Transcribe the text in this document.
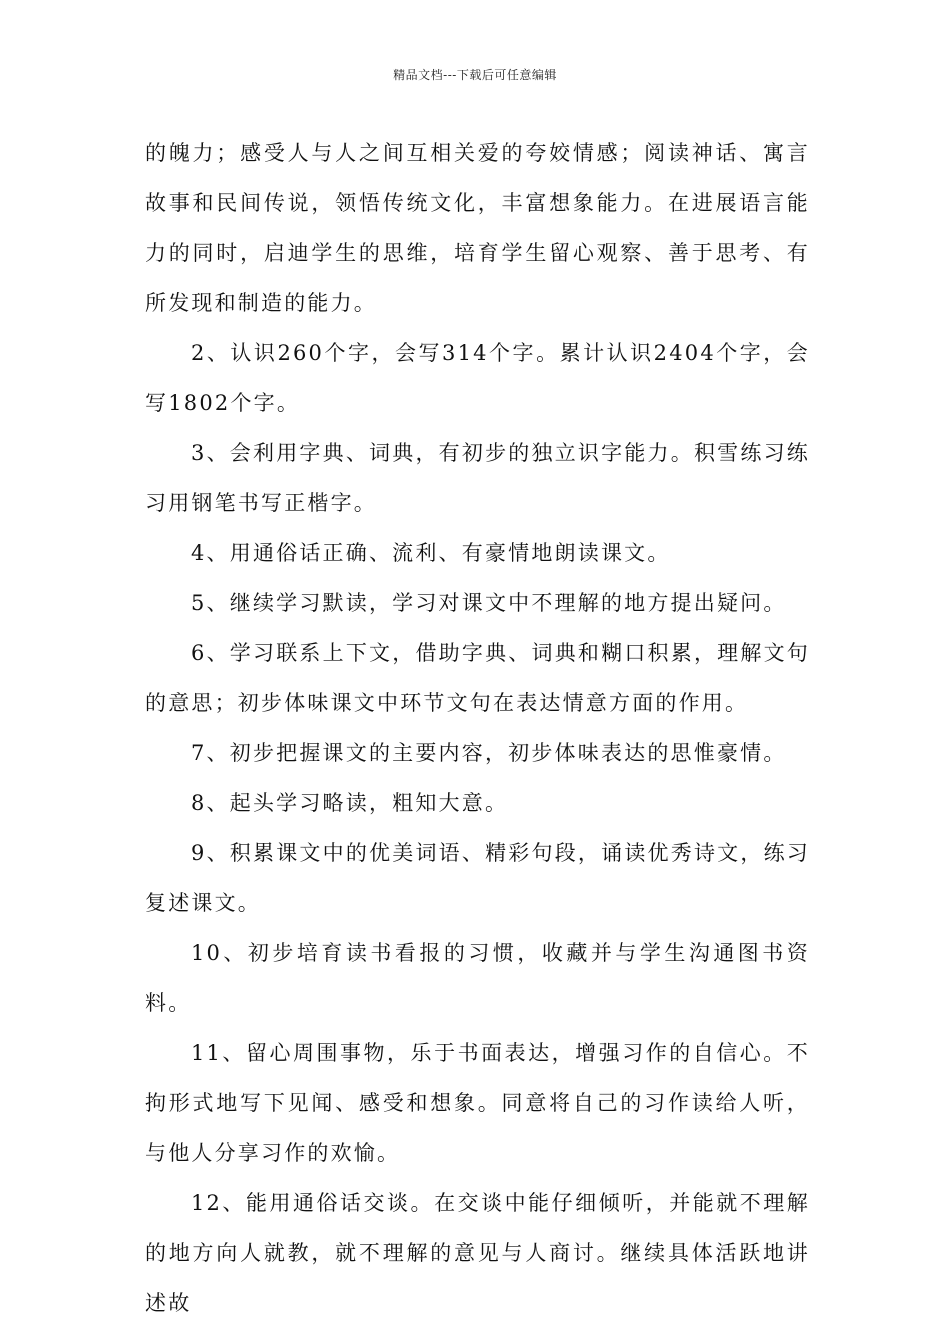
精品文档---下载后可任意编辑

的魄力；感受人与人之间互相关爱的夸姣情感；阅读神话、寓言故事和民间传说，领悟传统文化，丰富想象能力。在进展语言能力的同时，启迪学生的思维，培育学生留心观察、善于思考、有所发现和制造的能力。

2、认识260个字，会写314个字。累计认识2404个字，会写1802个字。

3、会利用字典、词典，有初步的独立识字能力。积雪练习练习用钢笔书写正楷字。

4、用通俗话正确、流利、有豪情地朗读课文。

5、继续学习默读，学习对课文中不理解的地方提出疑问。

6、学习联系上下文，借助字典、词典和糊口积累，理解文句的意思；初步体味课文中环节文句在表达情意方面的作用。

7、初步把握课文的主要内容，初步体味表达的思惟豪情。

8、起头学习略读，粗知大意。

9、积累课文中的优美词语、精彩句段，诵读优秀诗文，练习复述课文。

10、初步培育读书看报的习惯，收藏并与学生沟通图书资料。

11、留心周围事物，乐于书面表达，增强习作的自信心。不拘形式地写下见闻、感受和想象。同意将自己的习作读给人听，与他人分享习作的欢愉。

12、能用通俗话交谈。在交谈中能仔细倾听，并能就不理解的地方向人就教，就不理解的意见与人商讨。继续具体活跃地讲述故
